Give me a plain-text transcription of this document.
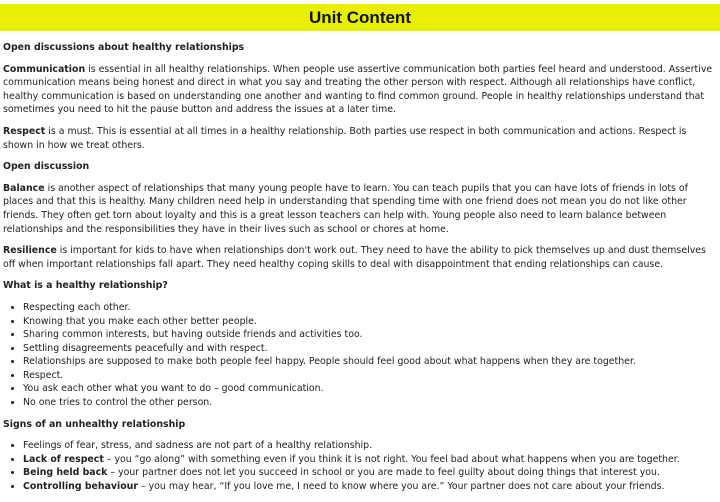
Unit Content
Open discussions about healthy relationships

Communication is essential in all healthy relationships. When people use assertive communication both parties feel heard and understood. Assertive communication means being honest and direct in what you say and treating the other person with respect. Although all relationships have conflict, healthy communication is based on understanding one another and wanting to find common ground. People in healthy relationships understand that sometimes you need to hit the pause button and address the issues at a later time.

Respect is a must. This is essential at all times in a healthy relationship. Both parties use respect in both communication and actions. Respect is shown in how we treat others.

Open discussion

Balance is another aspect of relationships that many young people have to learn. You can teach pupils that you can have lots of friends in lots of places and that this is healthy. Many children need help in understanding that spending time with one friend does not mean you do not like other friends. They often get torn about loyalty and this is a great lesson teachers can help with. Young people also need to learn balance between relationships and the responsibilities they have in their lives such as school or chores at home.

Resilience is important for kids to have when relationships don't work out. They need to have the ability to pick themselves up and dust themselves off when important relationships fall apart. They need healthy coping skills to deal with disappointment that ending relationships can cause.

What is a healthy relationship?
• Respecting each other.
• Knowing that you make each other better people.
• Sharing common interests, but having outside friends and activities too.
• Settling disagreements peacefully and with respect.
• Relationships are supposed to make both people feel happy. People should feel good about what happens when they are together.
• Respect.
• You ask each other what you want to do – good communication.
• No one tries to control the other person.
Signs of an unhealthy relationship
• Feelings of fear, stress, and sadness are not part of a healthy relationship.
• Lack of respect – you “go along” with something even if you think it is not right. You feel bad about what happens when you are together.
• Being held back – your partner does not let you succeed in school or you are made to feel guilty about doing things that interest you.
• Controlling behaviour – you may hear, “If you love me, I need to know where you are.” Your partner does not care about your friends.
